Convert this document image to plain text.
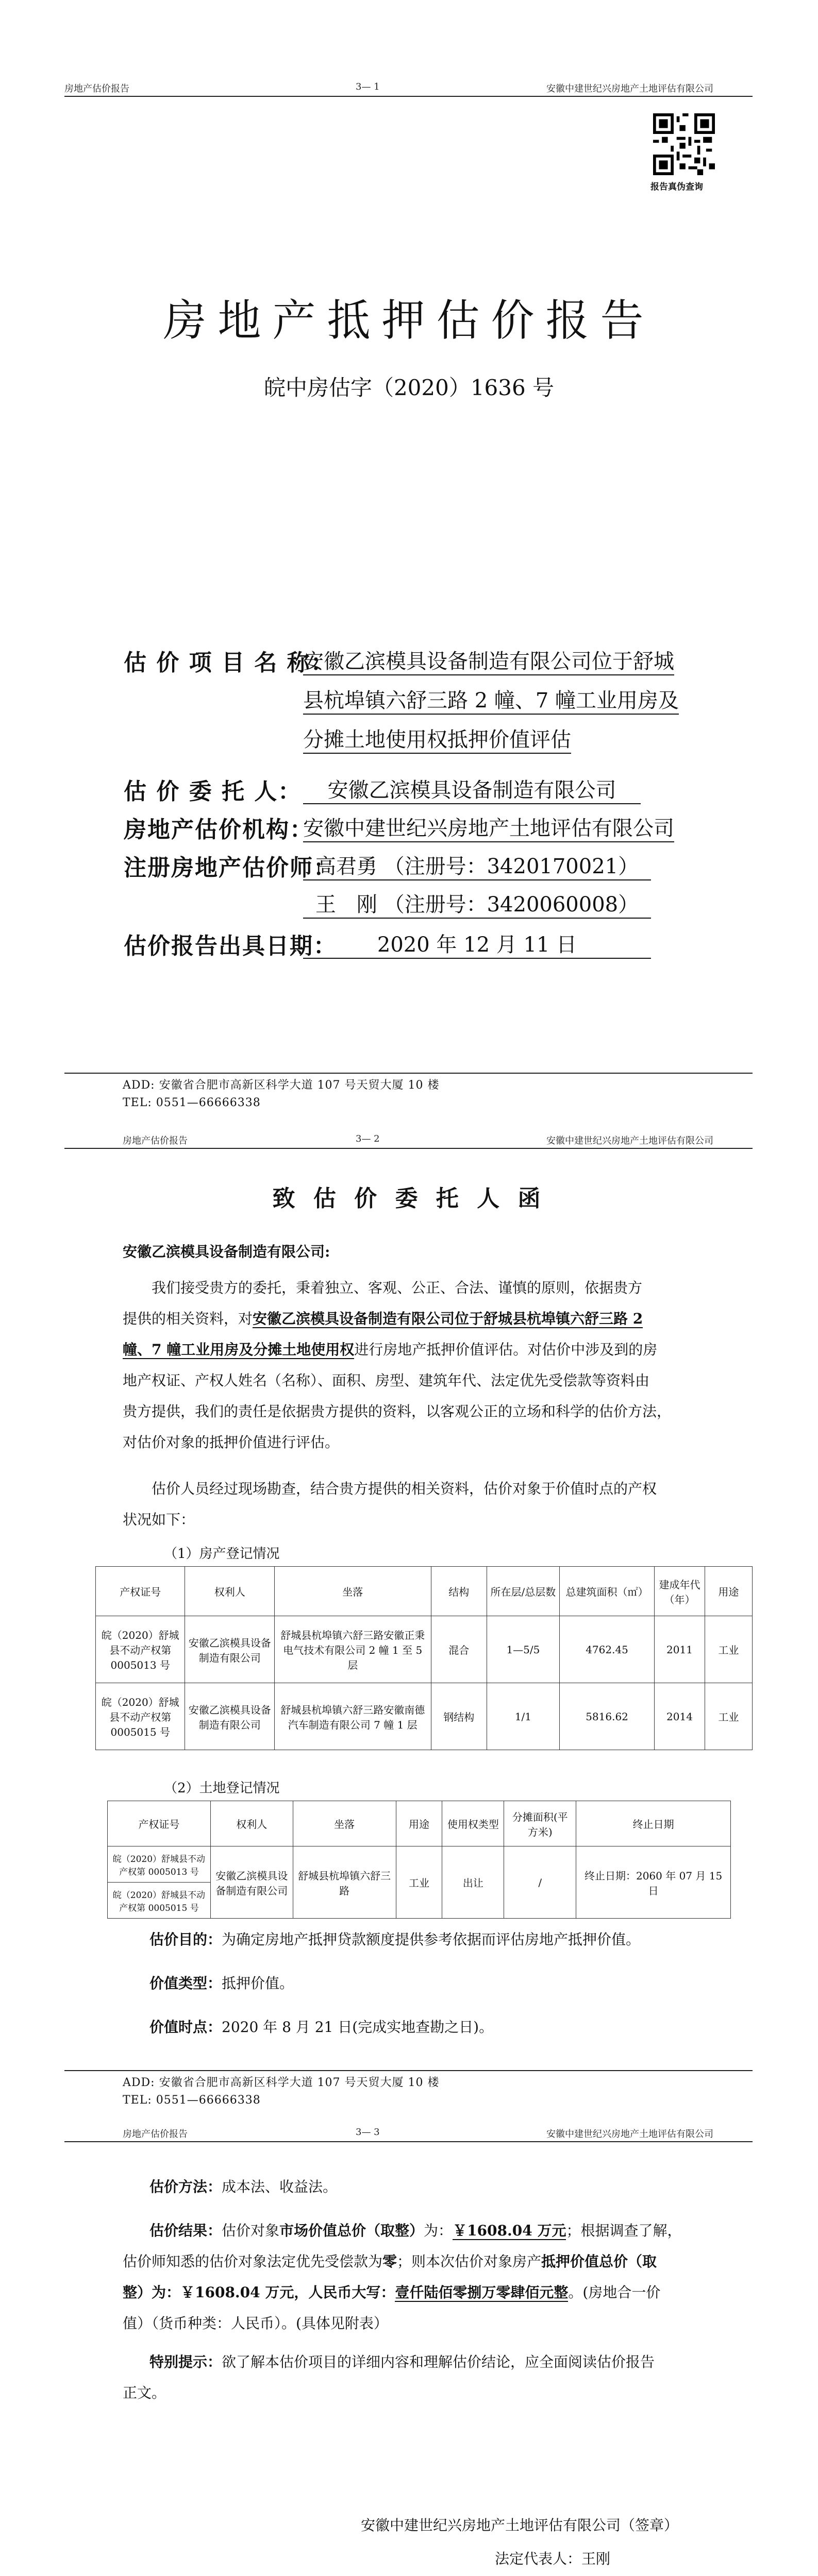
房地产估价报告	3— 1	安徽中建世纪兴房地产土地评估有限公司
报告真伪查询
房地产抵押估价报告
皖中房估字（2020）1636 号
估 价 项 目 名 称：
安徽乙滨模具设备制造有限公司位于舒城
县杭埠镇六舒三路 2 幢、7 幢工业用房及
分摊土地使用权抵押价值评估
估 价 委 托 人：	安徽乙滨模具设备制造有限公司
房地产估价机构：
安徽中建世纪兴房地产土地评估有限公司
注册房地产估价师：
高君勇 （注册号：3420170021）
王　刚 （注册号：3420060008）
估价报告出具日期：	2020 年 12 月 11 日
ADD: 安徽省合肥市高新区科学大道 107 号天贸大厦 10 楼
TEL: 0551—66666338
房地产估价报告	3— 2	安徽中建世纪兴房地产土地评估有限公司
致 估 价 委 托 人 函
安徽乙滨模具设备制造有限公司:
我们接受贵方的委托，秉着独立、客观、公正、合法、谨慎的原则，依据贵方
提供的相关资料，对安徽乙滨模具设备制造有限公司位于舒城县杭埠镇六舒三路 2
幢、7 幢工业用房及分摊土地使用权进行房地产抵押价值评估。对估价中涉及到的房
地产权证、产权人姓名（名称）、面积、房型、建筑年代、法定优先受偿款等资料由
贵方提供，我们的责任是依据贵方提供的资料，以客观公正的立场和科学的估价方法，
对估价对象的抵押价值进行评估。
估价人员经过现场勘查，结合贵方提供的相关资料，估价对象于价值时点的产权
状况如下：
（1）房产登记情况
产权证号	权利人	坐落	结构	所在层/总层数	总建筑面积（㎡）	建成年代（年）	用途
皖（2020）舒城县不动产权第0005013 号	安徽乙滨模具设备制造有限公司	舒城县杭埠镇六舒三路安徽正秉电气技术有限公司 2 幢 1 至 5 层	混合	1—5/5	4762.45	2011	工业
皖（2020）舒城县不动产权第0005015 号	安徽乙滨模具设备制造有限公司	舒城县杭埠镇六舒三路安徽南德汽车制造有限公司 7 幢 1 层	钢结构	1/1	5816.62	2014	工业
（2）土地登记情况
产权证号	权利人	坐落	用途	使用权类型	分摊面积(平方米)	终止日期
皖（2020）舒城县不动产权第 0005013 号	安徽乙滨模具设备制造有限公司	舒城县杭埠镇六舒三路	工业	出让	/	终止日期：2060 年 07 月 15 日
皖（2020）舒城县不动产权第 0005015 号						
估价目的：为确定房地产抵押贷款额度提供参考依据而评估房地产抵押价值。
价值类型：抵押价值。
价值时点：2020 年 8 月 21 日(完成实地查勘之日)。
ADD: 安徽省合肥市高新区科学大道 107 号天贸大厦 10 楼
TEL: 0551—66666338
房地产估价报告	3— 3	安徽中建世纪兴房地产土地评估有限公司
估价方法：成本法、收益法。
估价结果：估价对象市场价值总价（取整）为：￥1608.04 万元；根据调查了解，
估价师知悉的估价对象法定优先受偿款为零；则本次估价对象房产抵押价值总价（取
整）为：￥1608.04 万元，人民币大写：壹仟陆佰零捌万零肆佰元整。(房地合一价
值）（货币种类：人民币）。(具体见附表）
特别提示：欲了解本估价项目的详细内容和理解估价结论，应全面阅读估价报告
正文。
安徽中建世纪兴房地产土地评估有限公司（签章）
法定代表人：王刚
